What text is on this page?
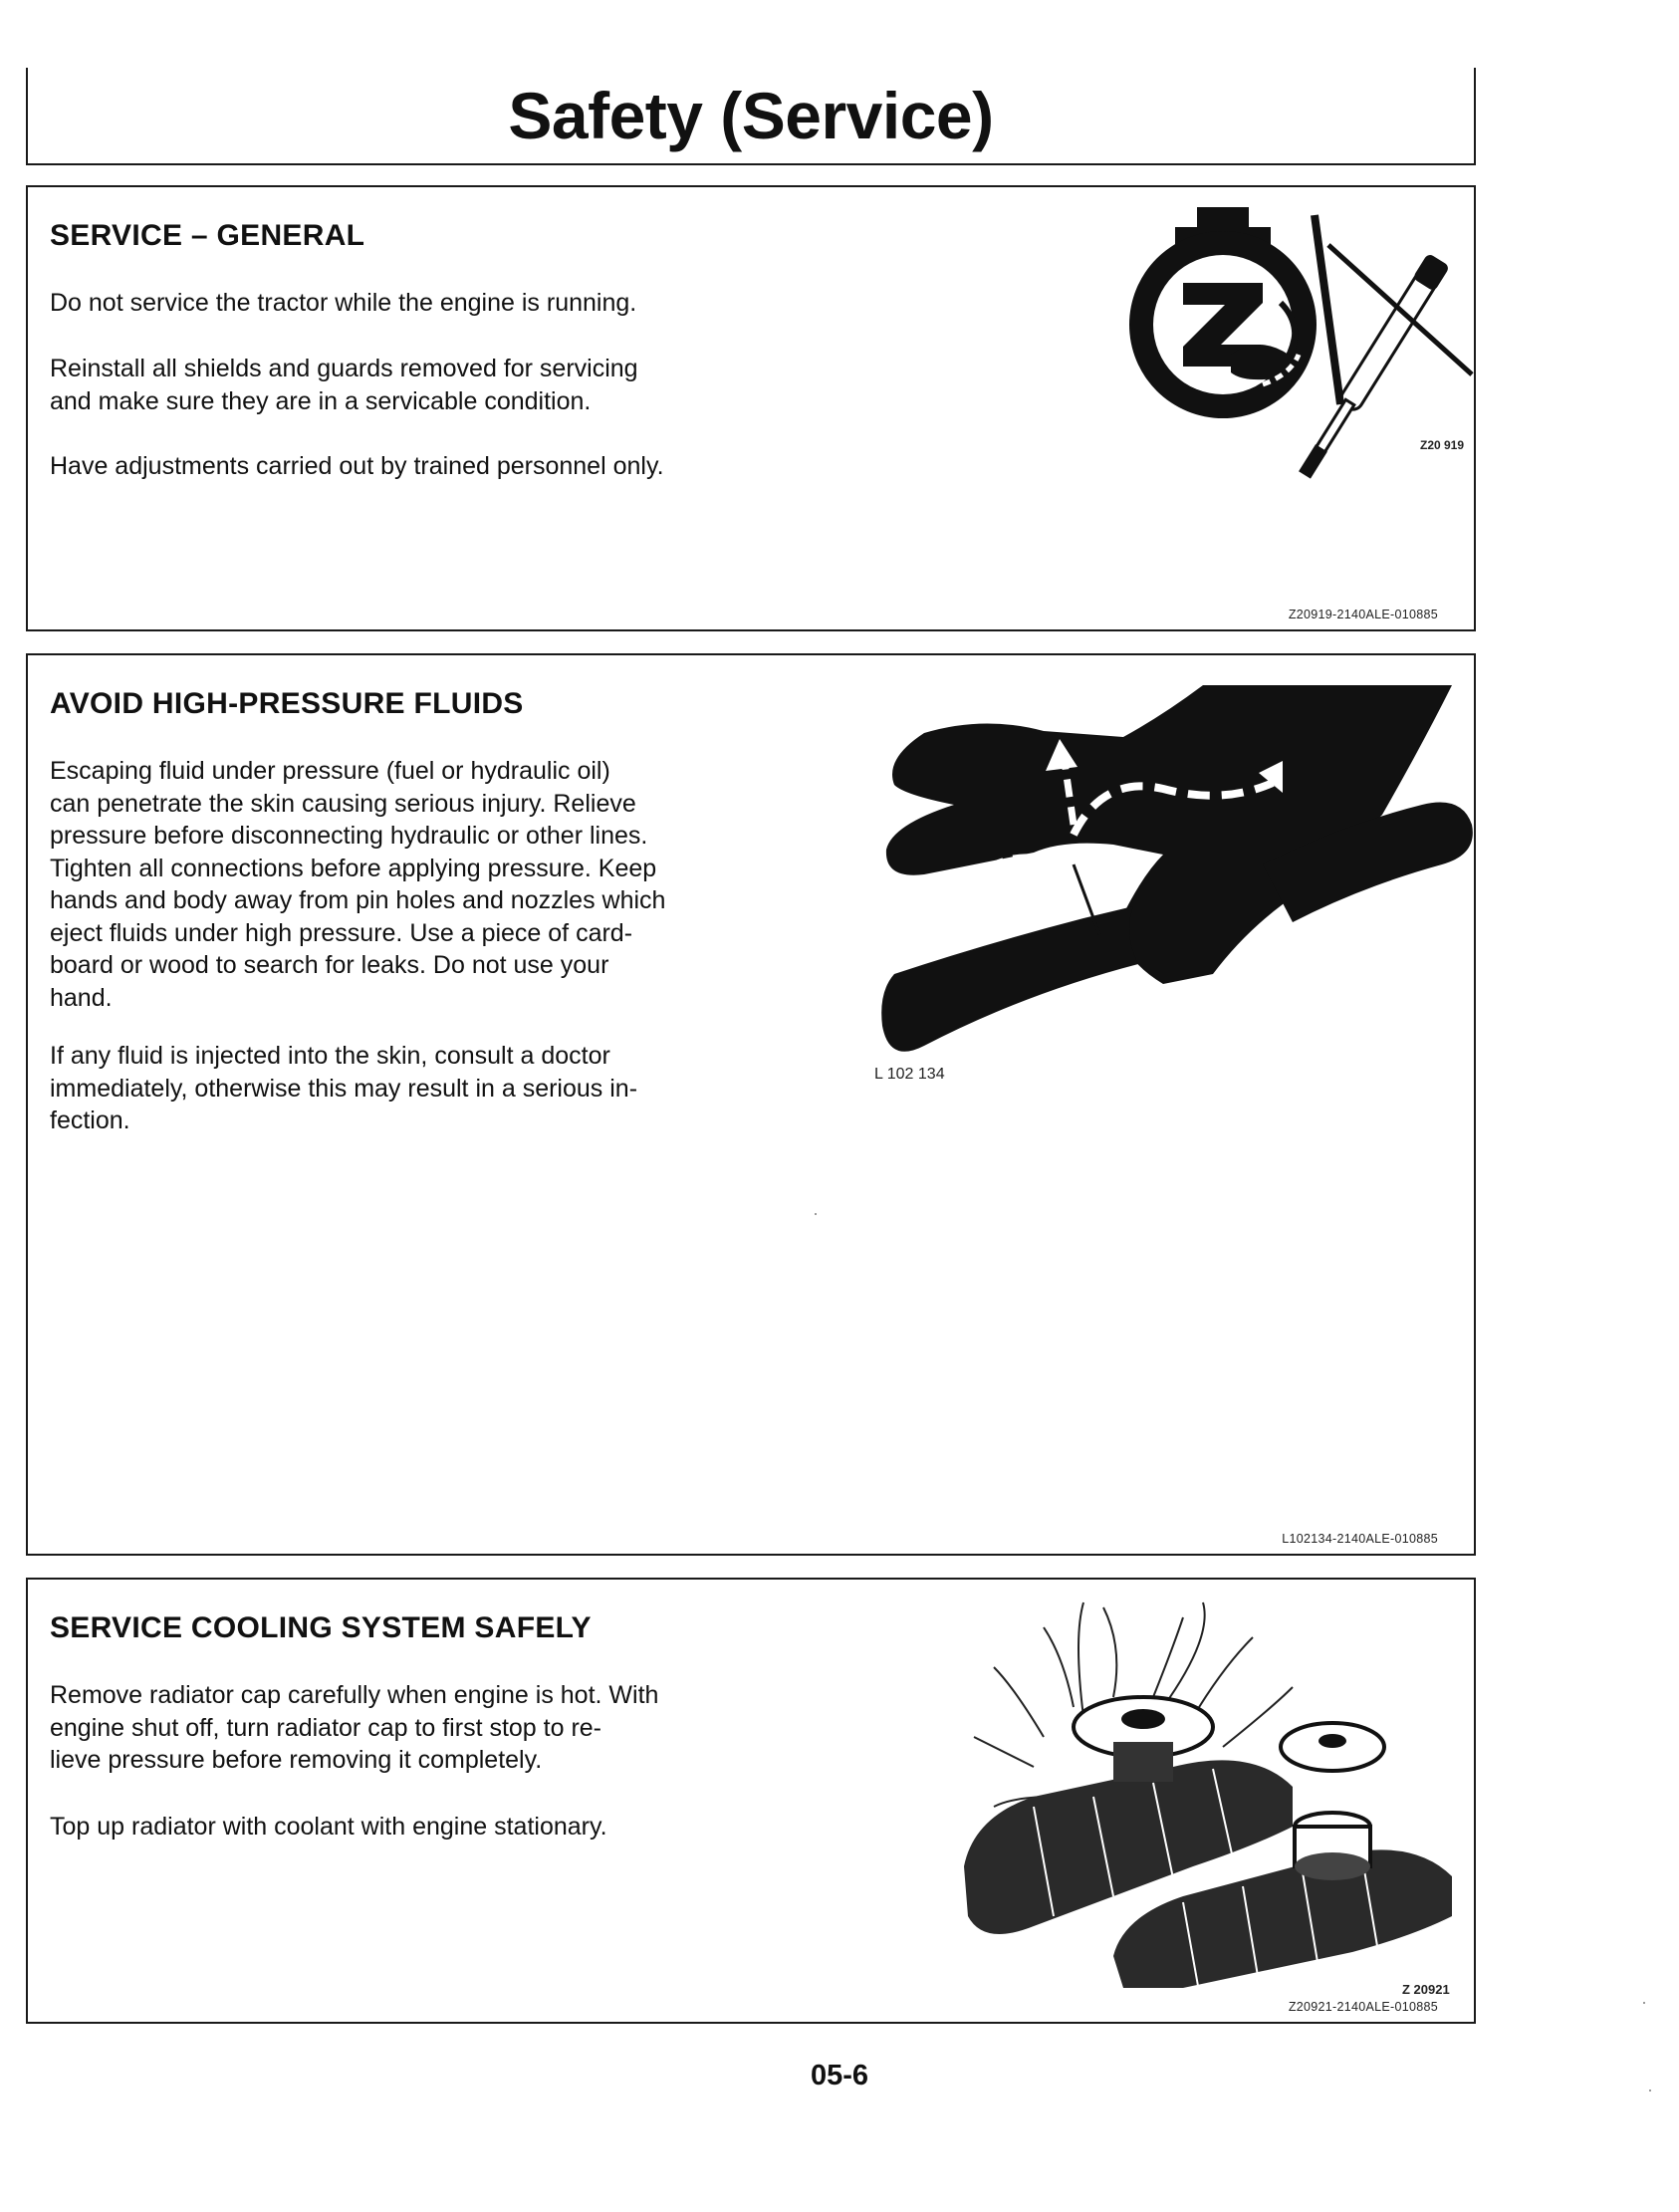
Safety (Service)
SERVICE – GENERAL

Do not service the tractor while the engine is running.

Reinstall all shields and guards removed for servicing
and make sure they are in a servicable condition.

Have adjustments carried out by trained personnel only.

Z20 919
Z20919-2140ALE-010885
AVOID HIGH-PRESSURE FLUIDS

Escaping fluid under pressure (fuel or hydraulic oil)
can penetrate the skin causing serious injury. Relieve
pressure before disconnecting hydraulic or other lines.
Tighten all connections before applying pressure. Keep
hands and body away from pin holes and nozzles which
eject fluids under high pressure. Use a piece of card-
board or wood to search for leaks. Do not use your
hand.

If any fluid is injected into the skin, consult a doctor
immediately, otherwise this may result in a serious in-
fection.

L 102 134
L102134-2140ALE-010885
SERVICE COOLING SYSTEM SAFELY

Remove radiator cap carefully when engine is hot. With
engine shut off, turn radiator cap to first stop to re-
lieve pressure before removing it completely.

Top up radiator with coolant with engine stationary.

Z 20921
Z20921-2140ALE-010885
05-6
